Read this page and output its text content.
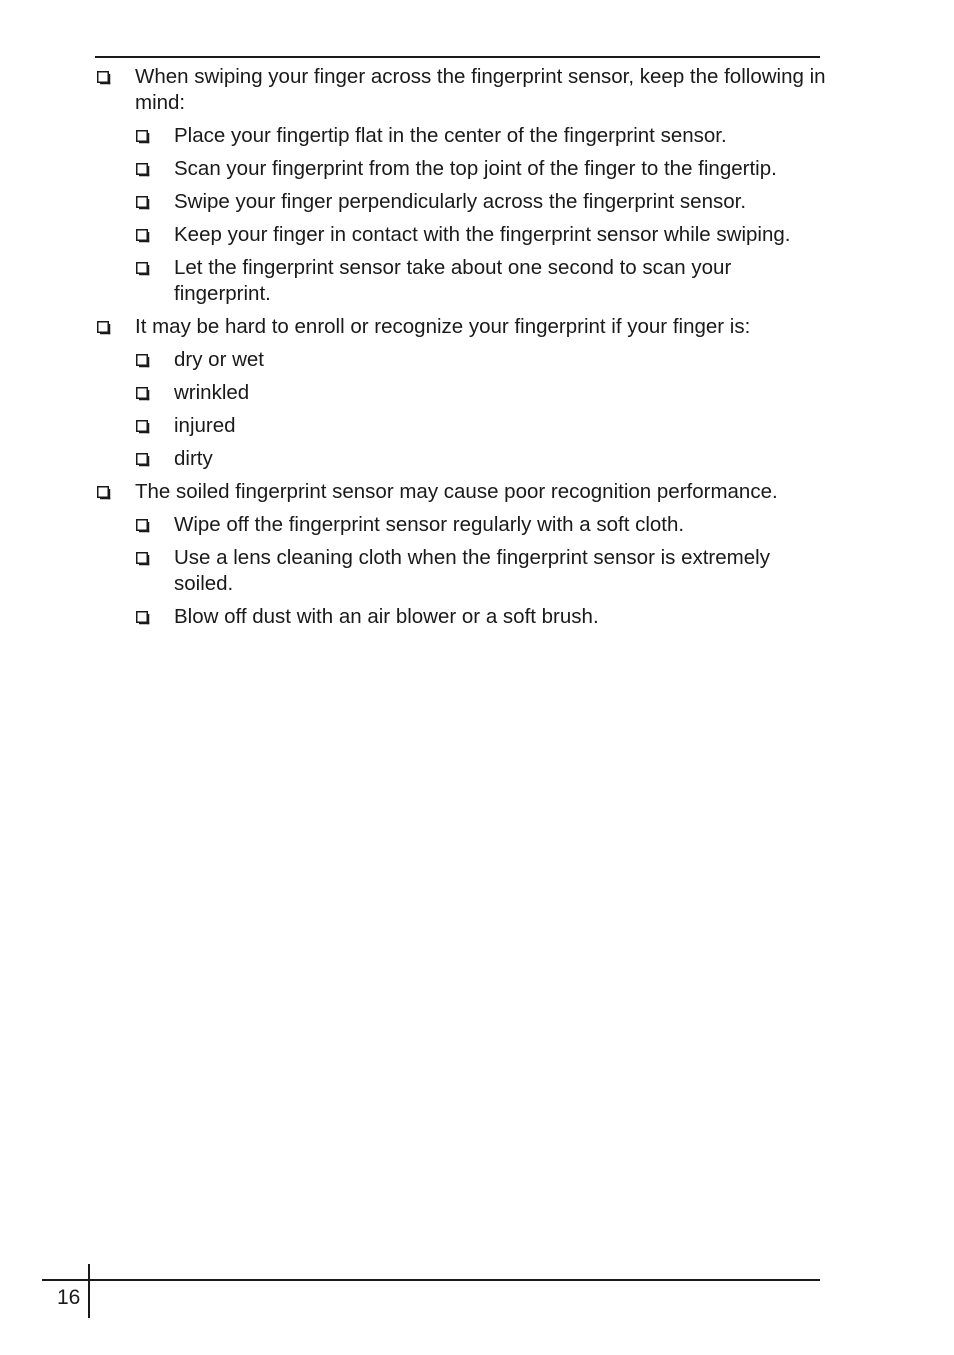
When swiping your finger across the fingerprint sensor, keep the following in mind:
Place your fingertip flat in the center of the fingerprint sensor.
Scan your fingerprint from the top joint of the finger to the fingertip.
Swipe your finger perpendicularly across the fingerprint sensor.
Keep your finger in contact with the fingerprint sensor while swiping.
Let the fingerprint sensor take about one second to scan your fingerprint.
It may be hard to enroll or recognize your fingerprint if your finger is:
dry or wet
wrinkled
injured
dirty
The soiled fingerprint sensor may cause poor recognition performance.
Wipe off the fingerprint sensor regularly with a soft cloth.
Use a lens cleaning cloth when the fingerprint sensor is extremely soiled.
Blow off dust with an air blower or a soft brush.
16
